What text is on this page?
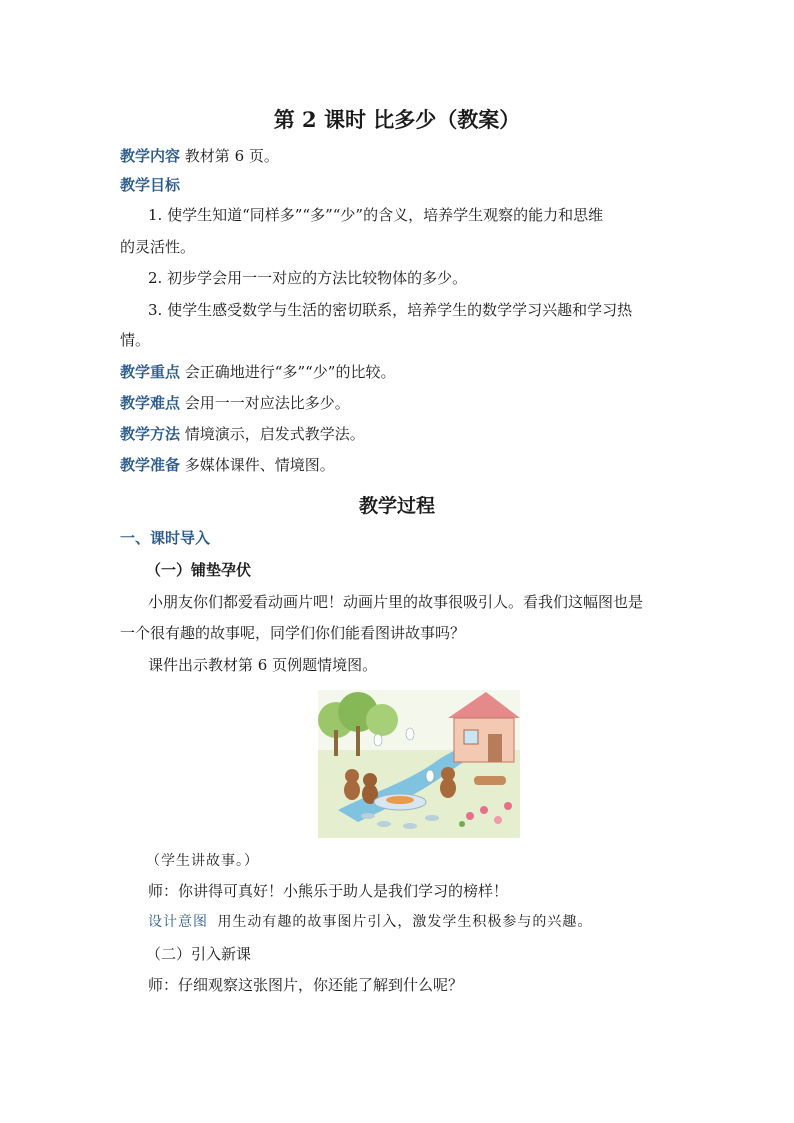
第 2 课时 比多少（教案）
教学内容 教材第 6 页。
教学目标
1. 使学生知道“同样多”“多”“少”的含义，培养学生观察的能力和思维
的灵活性。
2. 初步学会用一一对应的方法比较物体的多少。
3. 使学生感受数学与生活的密切联系，培养学生的数学学习兴趣和学习热
情。
教学重点 会正确地进行“多”“少”的比较。
教学难点 会用一一对应法比多少。
教学方法 情境演示，启发式教学法。
教学准备 多媒体课件、情境图。
教学过程
一、课时导入
（一）铺垫孕伏
小朋友你们都爱看动画片吧！动画片里的故事很吸引人。看我们这幅图也是
一个很有趣的故事呢，同学们你们能看图讲故事吗？
课件出示教材第 6 页例题情境图。
（学生讲故事。）
师：你讲得可真好！小熊乐于助人是我们学习的榜样！
设计意图 用生动有趣的故事图片引入，激发学生积极参与的兴趣。
（二）引入新课
师：仔细观察这张图片，你还能了解到什么呢？
